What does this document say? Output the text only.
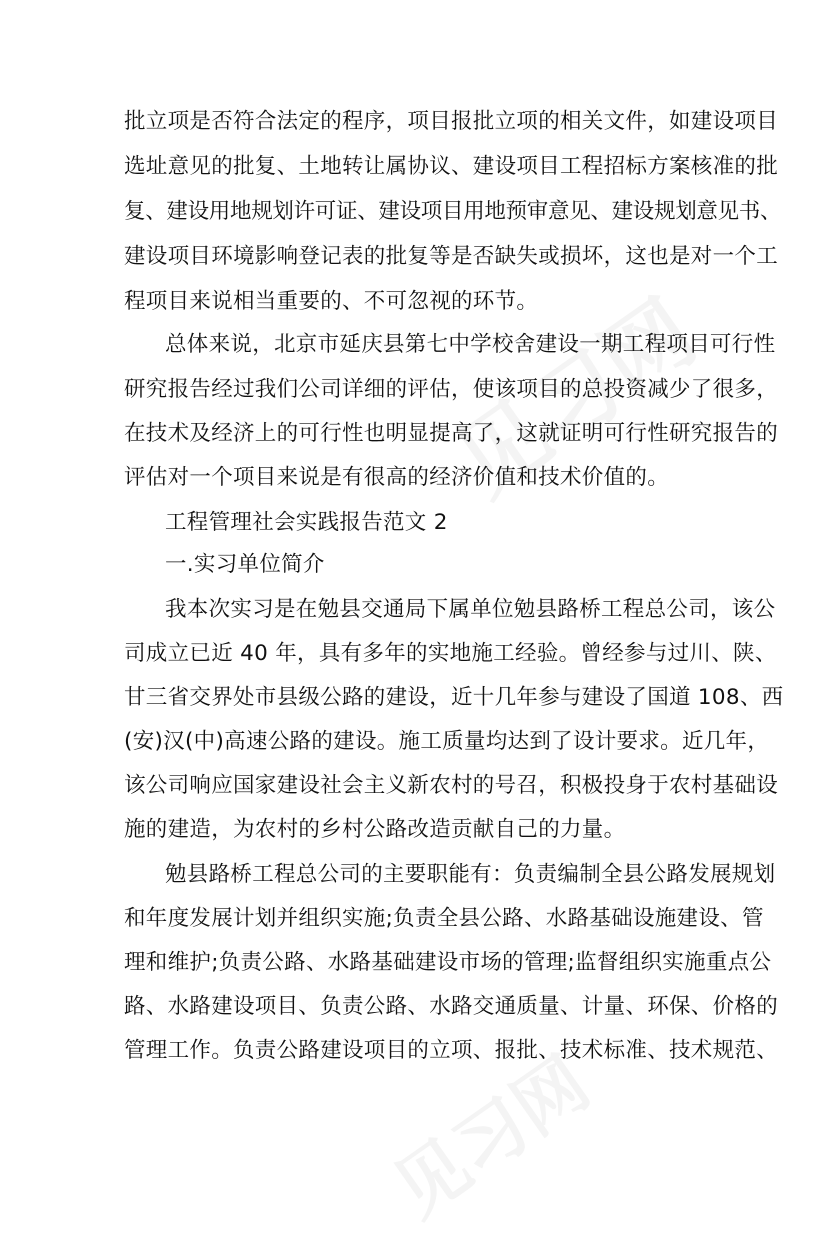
批立项是否符合法定的程序，项目报批立项的相关文件，如建设项目
选址意见的批复、土地转让属协议、建设项目工程招标方案核准的批
复、建设用地规划许可证、建设项目用地预审意见、建设规划意见书、
建设项目环境影响登记表的批复等是否缺失或损坏，这也是对一个工
程项目来说相当重要的、不可忽视的环节。
总体来说，北京市延庆县第七中学校舍建设一期工程项目可行性
研究报告经过我们公司详细的评估，使该项目的总投资减少了很多，
在技术及经济上的可行性也明显提高了，这就证明可行性研究报告的
评估对一个项目来说是有很高的经济价值和技术价值的。
工程管理社会实践报告范文 2
一.实习单位简介
我本次实习是在勉县交通局下属单位勉县路桥工程总公司，该公
司成立已近 40 年，具有多年的实地施工经验。曾经参与过川、陕、
甘三省交界处市县级公路的建设，近十几年参与建设了国道 108、西
(安)汉(中)高速公路的建设。施工质量均达到了设计要求。近几年，
该公司响应国家建设社会主义新农村的号召，积极投身于农村基础设
施的建造，为农村的乡村公路改造贡献自己的力量。
勉县路桥工程总公司的主要职能有：负责编制全县公路发展规划
和年度发展计划并组织实施;负责全县公路、水路基础设施建设、管
理和维护;负责公路、水路基础建设市场的管理;监督组织实施重点公
路、水路建设项目、负责公路、水路交通质量、计量、环保、价格的
管理工作。负责公路建设项目的立项、报批、技术标准、技术规范、
